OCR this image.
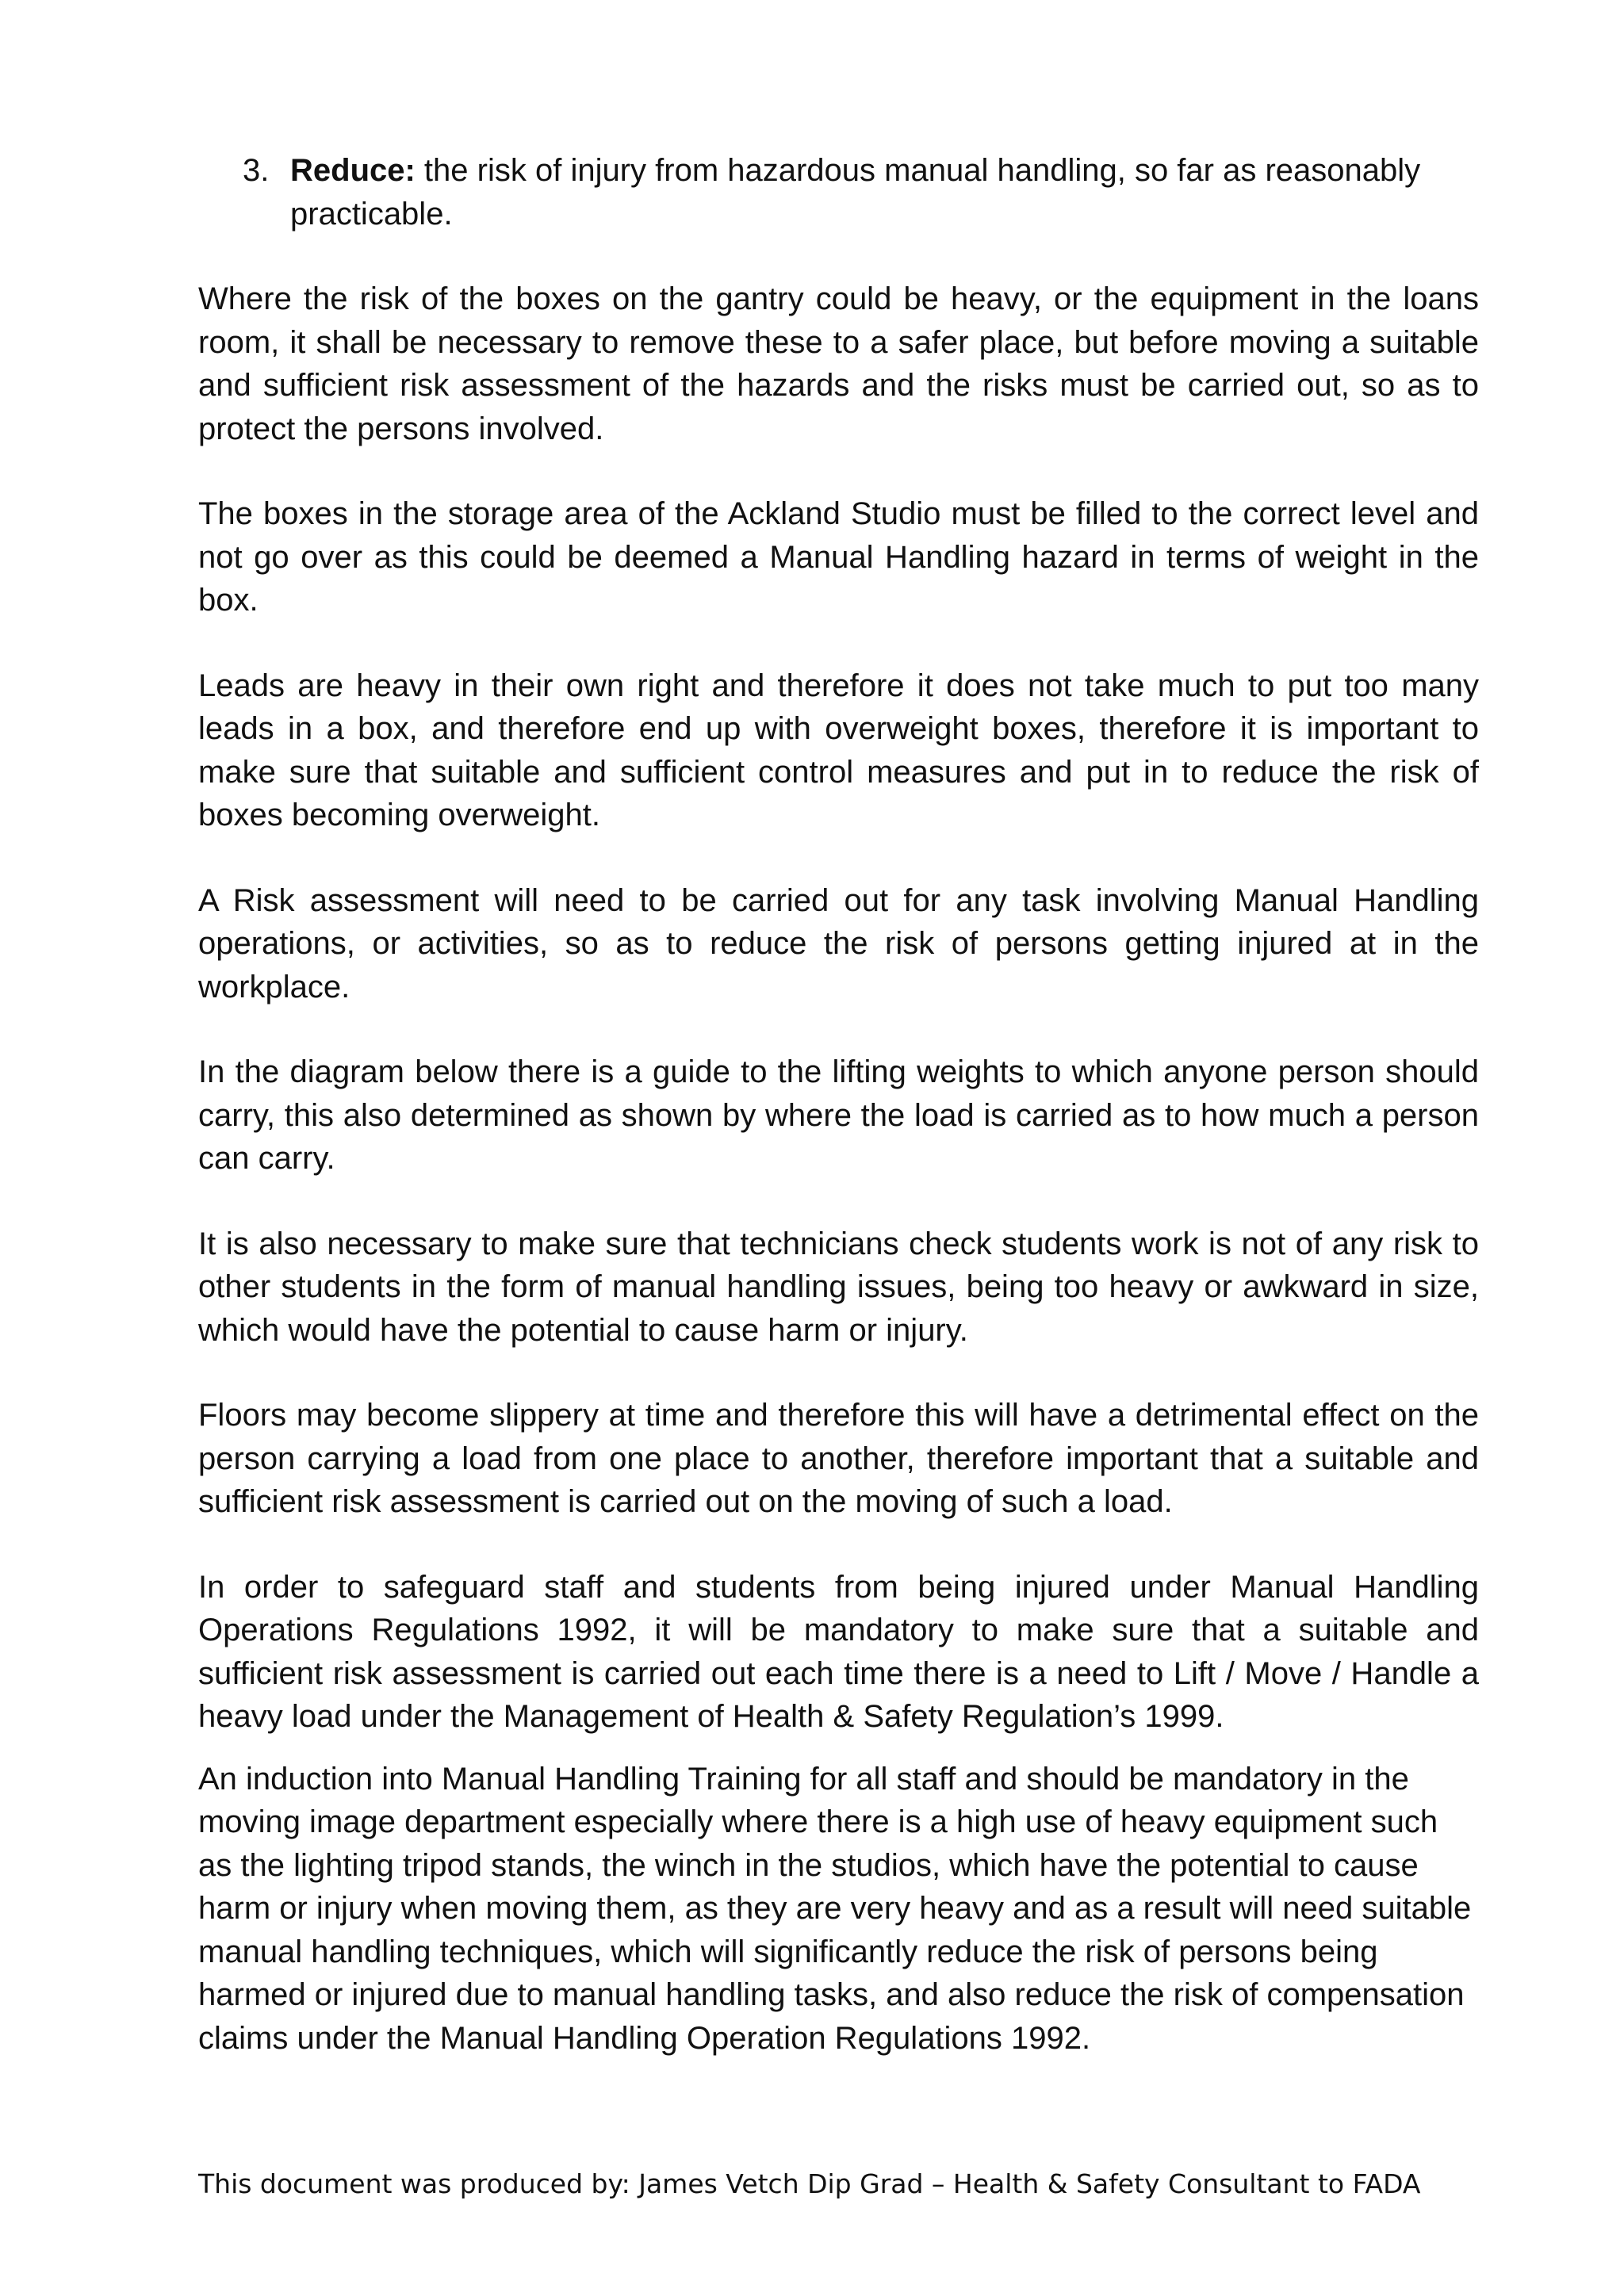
3. Reduce: the risk of injury from hazardous manual handling, so far as reasonably practicable.

Where the risk of the boxes on the gantry could be heavy, or the equipment in the loans room, it shall be necessary to remove these to a safer place, but before moving a suitable and sufficient risk assessment of the hazards and the risks must be carried out, so as to protect the persons involved.

The boxes in the storage area of the Ackland Studio must be filled to the correct level and not go over as this could be deemed a Manual Handling hazard in terms of weight in the box.

Leads are heavy in their own right and therefore it does not take much to put too many leads in a box, and therefore end up with overweight boxes, therefore it is important to make sure that suitable and sufficient control measures and put in to reduce the risk of boxes becoming overweight.

A Risk assessment will need to be carried out for any task involving Manual Handling operations, or activities, so as to reduce the risk of persons getting injured at in the workplace.

In the diagram below there is a guide to the lifting weights to which anyone person should carry, this also determined as shown by where the load is carried as to how much a person can carry.

It is also necessary to make sure that technicians check students work is not of any risk to other students in the form of manual handling issues, being too heavy or awkward in size, which would have the potential to cause harm or injury.

Floors may become slippery at time and therefore this will have a detrimental effect on the person carrying a load from one place to another, therefore important that a suitable and sufficient risk assessment is carried out on the moving of such a load.

In order to safeguard staff and students from being injured under Manual Handling Operations Regulations 1992, it will be mandatory to make sure that a suitable and sufficient risk assessment is carried out each time there is a need to Lift / Move / Handle a heavy load under the Management of Health & Safety Regulation’s 1999.

An induction into Manual Handling Training for all staff and should be mandatory in the moving image department especially where there is a high use of heavy equipment such as the lighting tripod stands, the winch in the studios, which have the potential to cause harm or injury when moving them, as they are very heavy and as a result will need suitable manual handling techniques, which will significantly reduce the risk of persons being harmed or injured due to manual handling tasks, and also reduce the risk of compensation claims under the Manual Handling Operation Regulations 1992.

This document was produced by: James Vetch Dip Grad – Health & Safety Consultant to FADA
